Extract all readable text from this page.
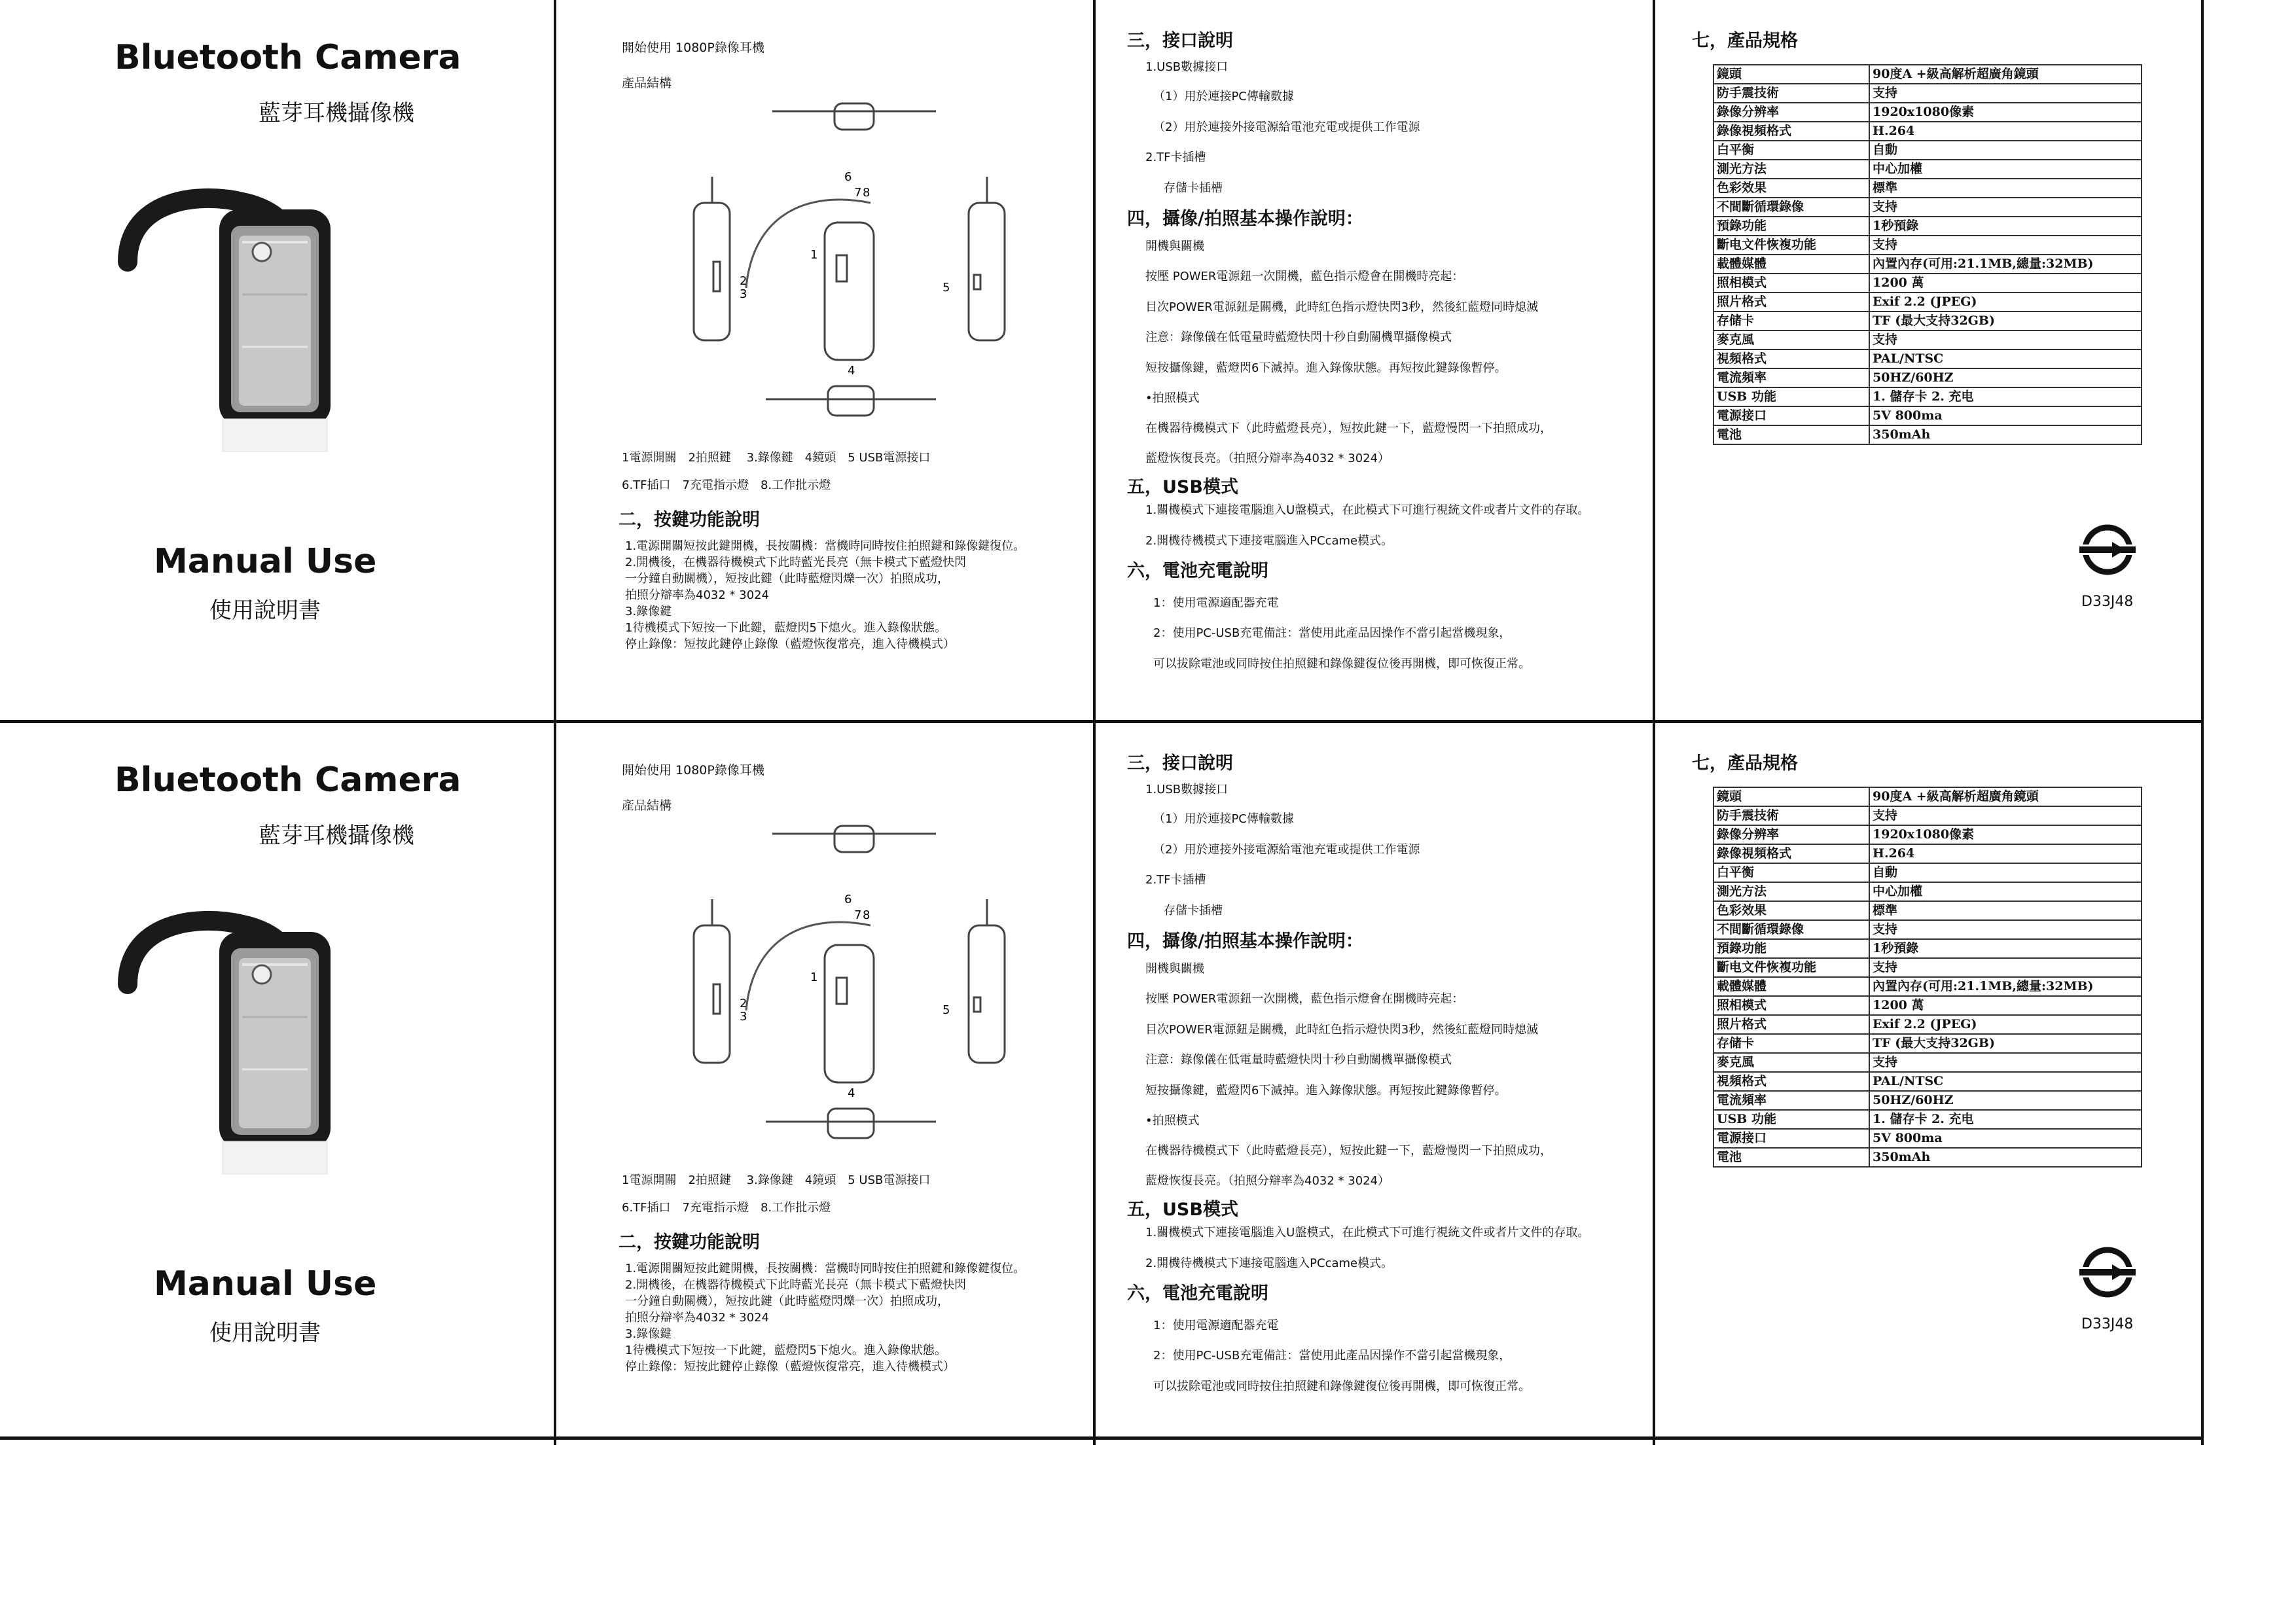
Bluetooth Camera
藍芽耳機攝像機
Manual Use
使用說明書
開始使用 1080P錄像耳機
產品結構
6
7 8
1
2
3
4
5
1電源開關　2拍照鍵　 3.錄像鍵　4鏡頭　5 USB電源接口
6.TF插口　7充電指示燈　8.工作批示燈
二，按鍵功能說明
1.電源開關短按此鍵開機，長按關機：當機時同時按住拍照鍵和錄像鍵復位。
2.開機後，在機器待機模式下此時藍光長亮（無卡模式下藍燈快閃
一分鐘自動關機），短按此鍵（此時藍燈閃爍一次）拍照成功，
拍照分辯率為4032 * 3024
3.錄像鍵
1待機模式下短按一下此鍵，藍燈閃5下熄火。進入錄像狀態。
停止錄像：短按此鍵停止錄像（藍燈恢復常亮，進入待機模式）
三，接口說明
1.USB數據接口
（1）用於連接PC傳輸數據
（2）用於連接外接電源給電池充電或提供工作電源
2.TF卡插槽
存儲卡插槽
四，攝像/拍照基本操作說明：
開機與關機
按壓 POWER電源鈕一次開機，藍色指示燈會在開機時亮起：
目次POWER電源鈕是關機，此時紅色指示燈快閃3秒，然後紅藍燈同時熄滅
注意：錄像儀在低電量時藍燈快閃十秒自動關機單攝像模式
短按攝像鍵，藍燈閃6下滅掉。進入錄像狀態。再短按此鍵錄像暫停。
•拍照模式
在機器待機模式下（此時藍燈長亮），短按此鍵一下，藍燈慢閃一下拍照成功，
藍燈恢復長亮。（拍照分辯率為4032 * 3024）
五，USB模式
1.關機模式下連接電腦進入U盤模式，在此模式下可進行視統文件或者片文件的存取。
2.開機待機模式下連接電腦進入PCcame模式。
六，電池充電說明
1：使用電源適配器充電
2：使用PC-USB充電備註：當使用此產品因操作不當引起當機現象，
可以拔除電池或同時按住拍照鍵和錄像鍵復位後再開機，即可恢復正常。
七，產品規格
鏡頭	90度A +級高解析超廣角鏡頭
防手震技術	支持
錄像分辨率	1920x1080像素
錄像視頻格式	H.264
白平衡	自動
測光方法	中心加權
色彩效果	標準
不間斷循環錄像	支持
預錄功能	1秒預錄
斷电文件恢複功能	支持
載體媒體	內置內存(可用:21.1MB,總量:32MB)
照相模式	1200 萬
照片格式	Exif 2.2 (JPEG)
存储卡	TF (最大支持32GB)
麥克風	支持
視頻格式	PAL/NTSC
電流頻率	50HZ/60HZ
USB 功能	1. 儲存卡 2. 充电
電源接口	5V 800ma
電池	350mAh
D33J48
Bluetooth Camera
藍芽耳機攝像機
Manual Use
使用說明書
開始使用 1080P錄像耳機
產品結構
6
7 8
1
2
3
4
5
1電源開關　2拍照鍵　 3.錄像鍵　4鏡頭　5 USB電源接口
6.TF插口　7充電指示燈　8.工作批示燈
二，按鍵功能說明
1.電源開關短按此鍵開機，長按關機：當機時同時按住拍照鍵和錄像鍵復位。
2.開機後，在機器待機模式下此時藍光長亮（無卡模式下藍燈快閃
一分鐘自動關機），短按此鍵（此時藍燈閃爍一次）拍照成功，
拍照分辯率為4032 * 3024
3.錄像鍵
1待機模式下短按一下此鍵，藍燈閃5下熄火。進入錄像狀態。
停止錄像：短按此鍵停止錄像（藍燈恢復常亮，進入待機模式）
三，接口說明
1.USB數據接口
（1）用於連接PC傳輸數據
（2）用於連接外接電源給電池充電或提供工作電源
2.TF卡插槽
存儲卡插槽
四，攝像/拍照基本操作說明：
開機與關機
按壓 POWER電源鈕一次開機，藍色指示燈會在開機時亮起：
目次POWER電源鈕是關機，此時紅色指示燈快閃3秒，然後紅藍燈同時熄滅
注意：錄像儀在低電量時藍燈快閃十秒自動關機單攝像模式
短按攝像鍵，藍燈閃6下滅掉。進入錄像狀態。再短按此鍵錄像暫停。
•拍照模式
在機器待機模式下（此時藍燈長亮），短按此鍵一下，藍燈慢閃一下拍照成功，
藍燈恢復長亮。（拍照分辯率為4032 * 3024）
五，USB模式
1.關機模式下連接電腦進入U盤模式，在此模式下可進行視統文件或者片文件的存取。
2.開機待機模式下連接電腦進入PCcame模式。
六，電池充電說明
1：使用電源適配器充電
2：使用PC-USB充電備註：當使用此產品因操作不當引起當機現象，
可以拔除電池或同時按住拍照鍵和錄像鍵復位後再開機，即可恢復正常。
七，產品規格
鏡頭	90度A +級高解析超廣角鏡頭
防手震技術	支持
錄像分辨率	1920x1080像素
錄像視頻格式	H.264
白平衡	自動
測光方法	中心加權
色彩效果	標準
不間斷循環錄像	支持
預錄功能	1秒預錄
斷电文件恢複功能	支持
載體媒體	內置內存(可用:21.1MB,總量:32MB)
照相模式	1200 萬
照片格式	Exif 2.2 (JPEG)
存储卡	TF (最大支持32GB)
麥克風	支持
視頻格式	PAL/NTSC
電流頻率	50HZ/60HZ
USB 功能	1. 儲存卡 2. 充电
電源接口	5V 800ma
電池	350mAh
D33J48
